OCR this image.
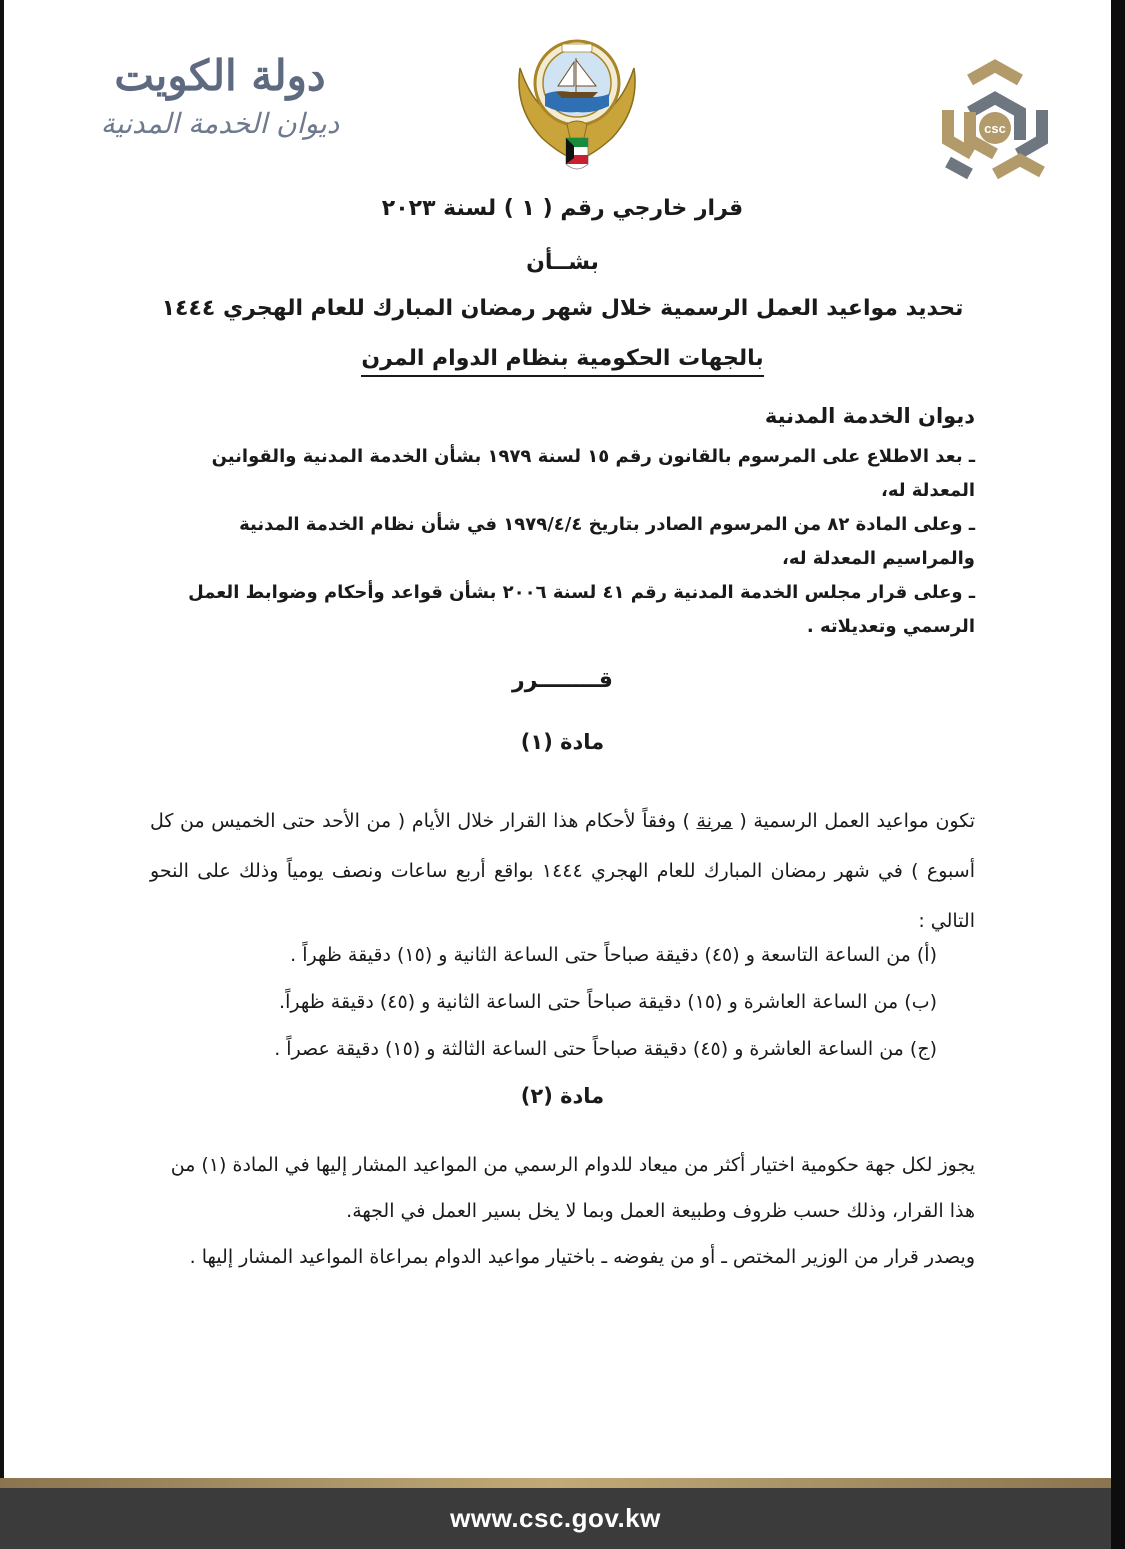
دولة الكويت
ديوان الخدمة المدنية	csc
قرار خارجي رقم ( ١ ) لسنة ٢٠٢٣
بشــأن
تحديد مواعيد العمل الرسمية خلال شهر رمضان المبارك للعام الهجري ١٤٤٤
بالجهات الحكومية بنظام الدوام المرن
ديوان الخدمة المدنية

ـ بعد الاطلاع على المرسوم بالقانون رقم ١٥ لسنة ١٩٧٩ بشأن الخدمة المدنية والقوانين المعدلة له،

ـ وعلى المادة ٨٢ من المرسوم الصادر بتاريخ ١٩٧٩/٤/٤ في شأن نظام الخدمة المدنية والمراسيم المعدلة له،

ـ وعلى قرار مجلس الخدمة المدنية رقم ٤١ لسنة ٢٠٠٦ بشأن قواعد وأحكام وضوابط العمل الرسمي وتعديلاته .

قــــــــرر
مادة (١)

تكون مواعيد العمل الرسمية ( مرنة ) وفقاً لأحكام هذا القرار خلال الأيام ( من الأحد حتى الخميس من كل أسبوع ) في شهر رمضان المبارك للعام الهجري ١٤٤٤ بواقع أربع ساعات ونصف يومياً وذلك على النحو التالي :

(أ) من الساعة التاسعة و (٤٥) دقيقة صباحاً حتى الساعة الثانية و (١٥) دقيقة ظهراً .

(ب) من الساعة العاشرة و (١٥) دقيقة صباحاً حتى الساعة الثانية و (٤٥) دقيقة ظهراً.

(ج) من الساعة العاشرة و (٤٥) دقيقة صباحاً حتى الساعة الثالثة و (١٥) دقيقة عصراً .

مادة (٢)

يجوز لكل جهة حكومية اختيار أكثر من ميعاد للدوام الرسمي من المواعيد المشار إليها في المادة (١) من هذا القرار، وذلك حسب ظروف وطبيعة العمل وبما لا يخل بسير العمل في الجهة.

ويصدر قرار من الوزير المختص ـ أو من يفوضه ـ باختيار مواعيد الدوام بمراعاة المواعيد المشار إليها .

www.csc.gov.kw
